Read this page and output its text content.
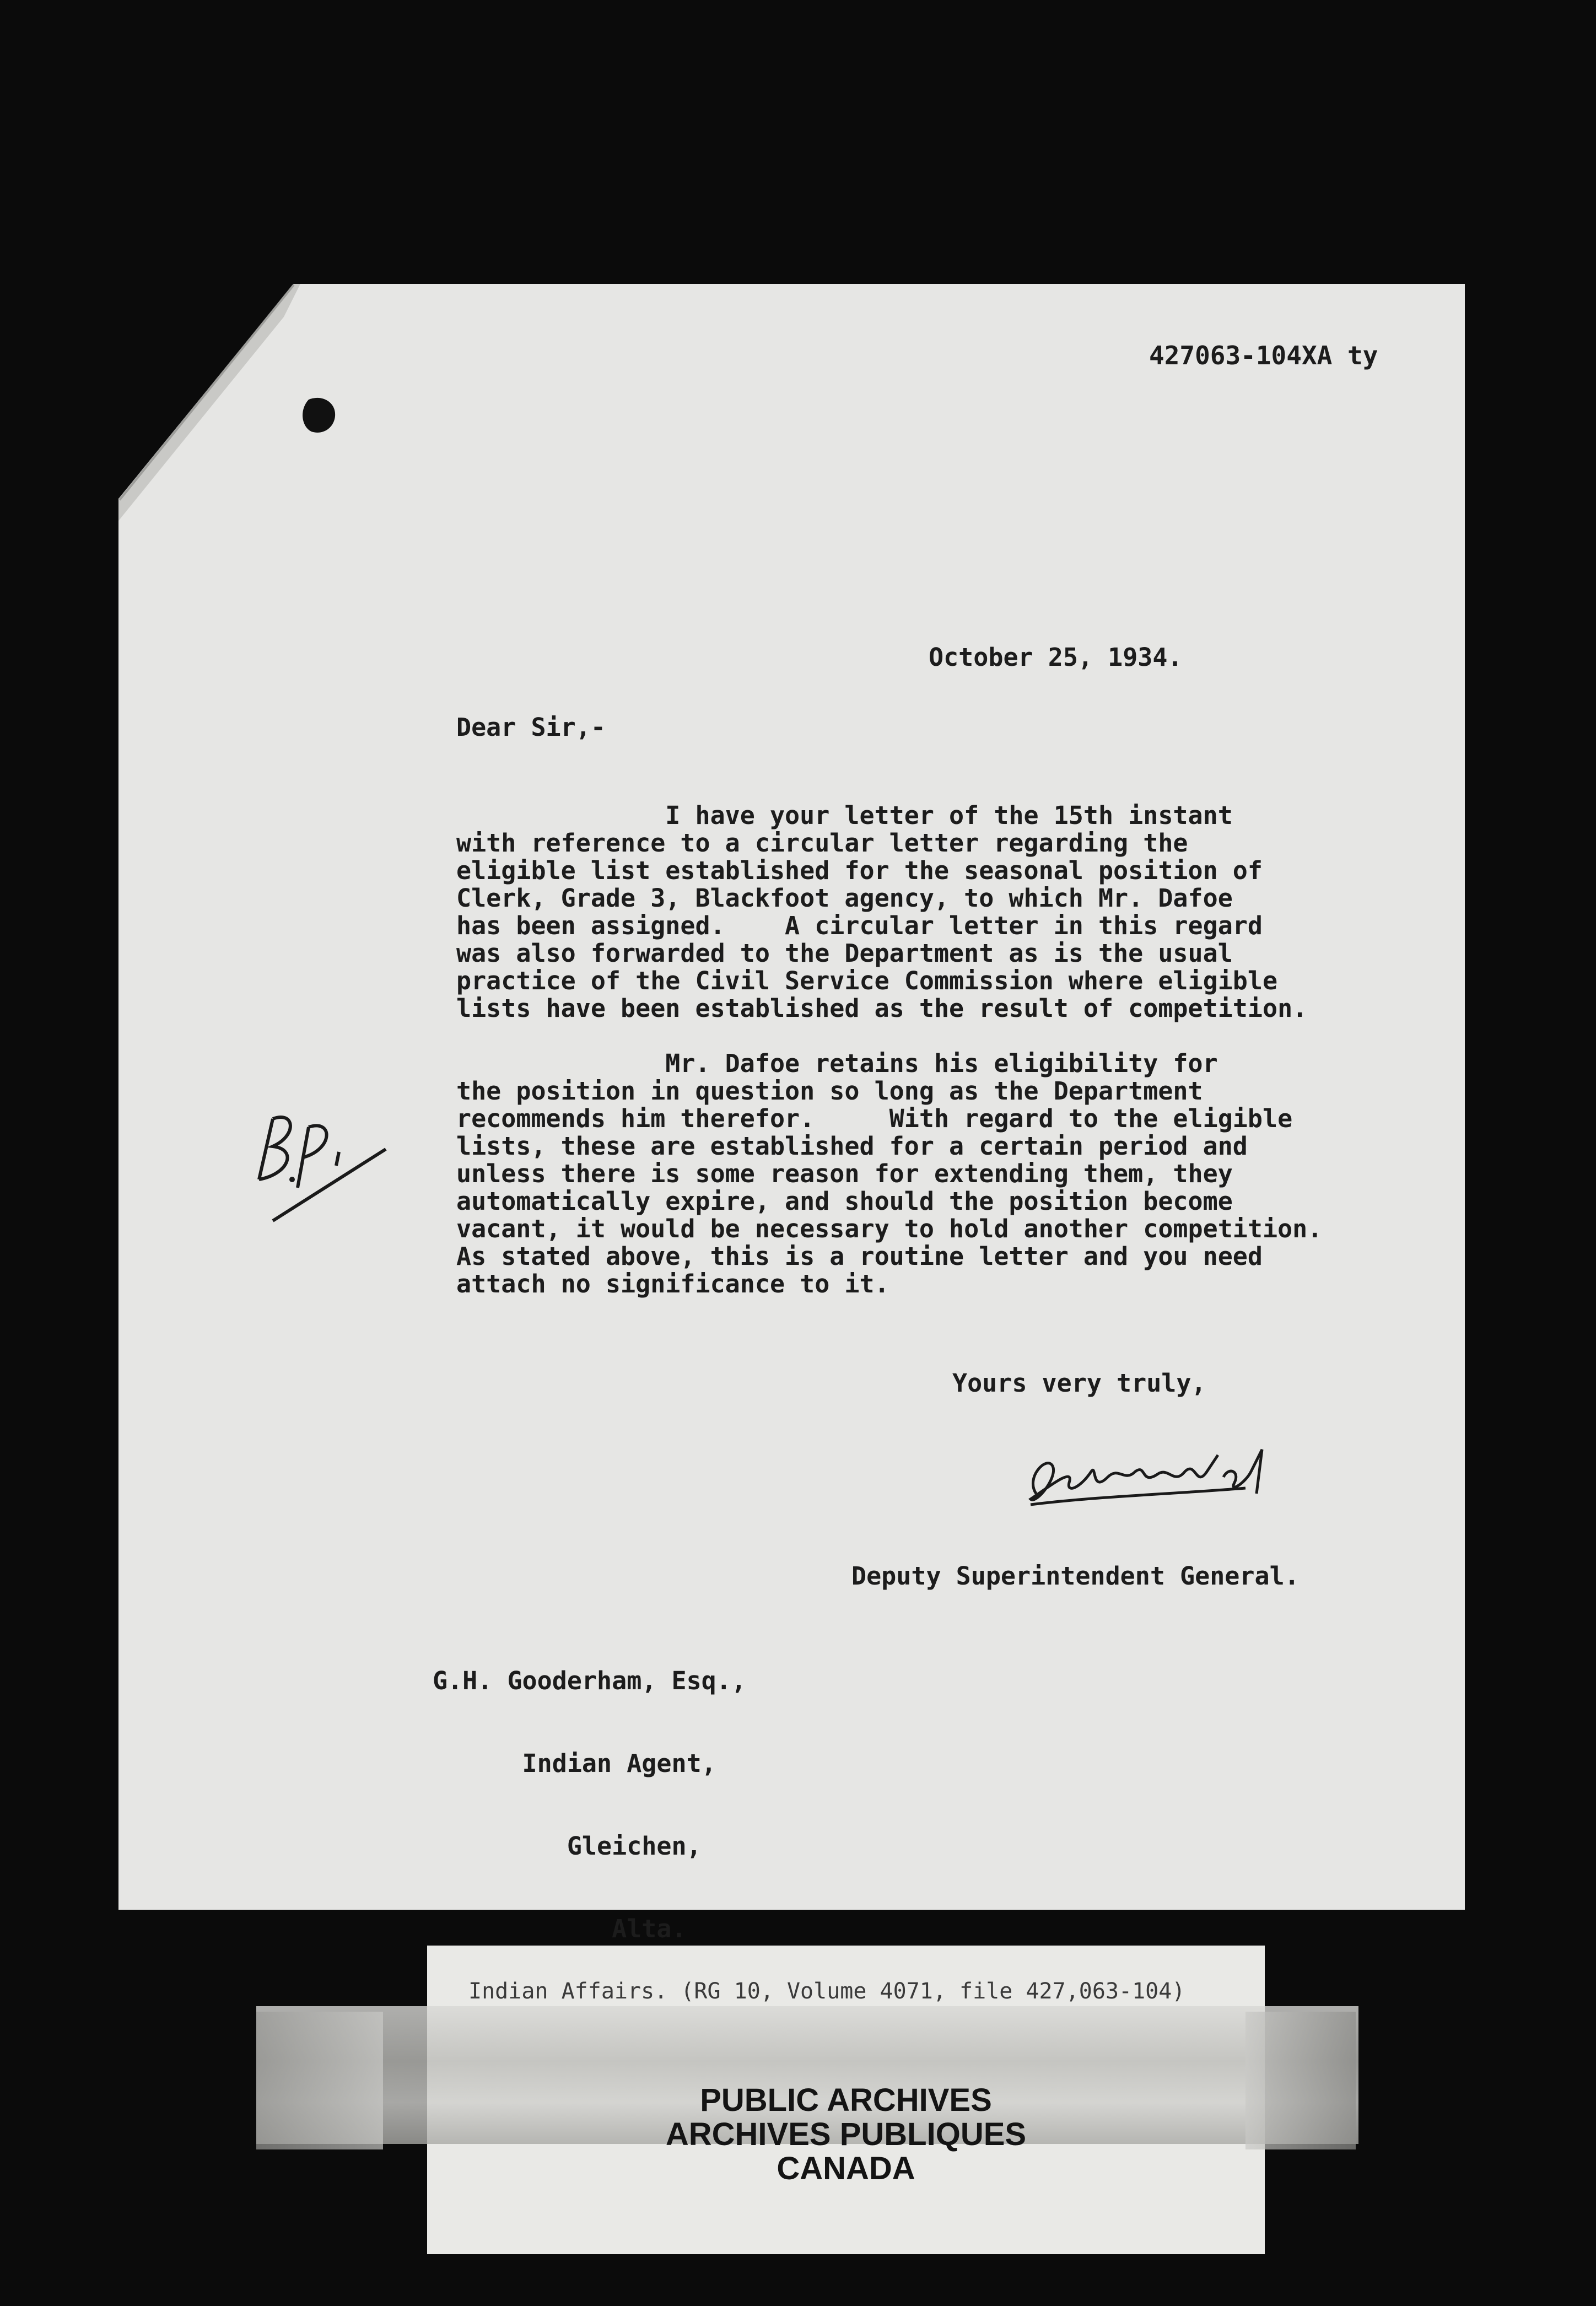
427063-104XA ty
October 25, 1934.
Dear Sir,-
I have your letter of the 15th instant
with reference to a circular letter regarding the
eligible list established for the seasonal position of
Clerk, Grade 3, Blackfoot agency, to which Mr. Dafoe
has been assigned.    A circular letter in this regard
was also forwarded to the Department as is the usual
practice of the Civil Service Commission where eligible
lists have been established as the result of competition.
Mr. Dafoe retains his eligibility for
the position in question so long as the Department
recommends him therefor.     With regard to the eligible
lists, these are established for a certain period and
unless there is some reason for extending them, they
automatically expire, and should the position become
vacant, it would be necessary to hold another competition.
As stated above, this is a routine letter and you need
attach no significance to it.
Yours very truly,
Deputy Superintendent General.

G.H. Gooderham, Esq.,

Indian Agent,

Gleichen,

Alta.

Indian Affairs. (RG 10, Volume 4071, file 427,063-104)
PUBLIC ARCHIVES
ARCHIVES PUBLIQUES
CANADA
